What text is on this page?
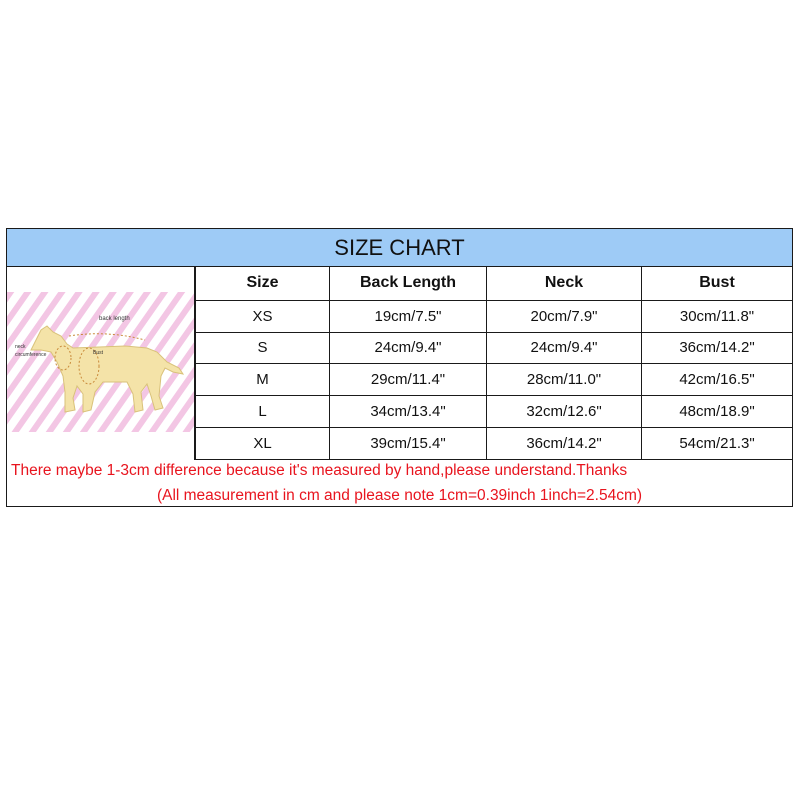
SIZE CHART
back length
neck
circumference	Bust
Size	Back Length	Neck	Bust
XS	19cm/7.5"	20cm/7.9"	30cm/11.8"
S	24cm/9.4"	24cm/9.4"	36cm/14.2"
M	29cm/11.4"	28cm/11.0"	42cm/16.5"
L	34cm/13.4"	32cm/12.6"	48cm/18.9"
XL	39cm/15.4"	36cm/14.2"	54cm/21.3"
There maybe 1-3cm difference because it's measured by hand,please understand.Thanks
(All measurement in cm and please note 1cm=0.39inch 1inch=2.54cm)
